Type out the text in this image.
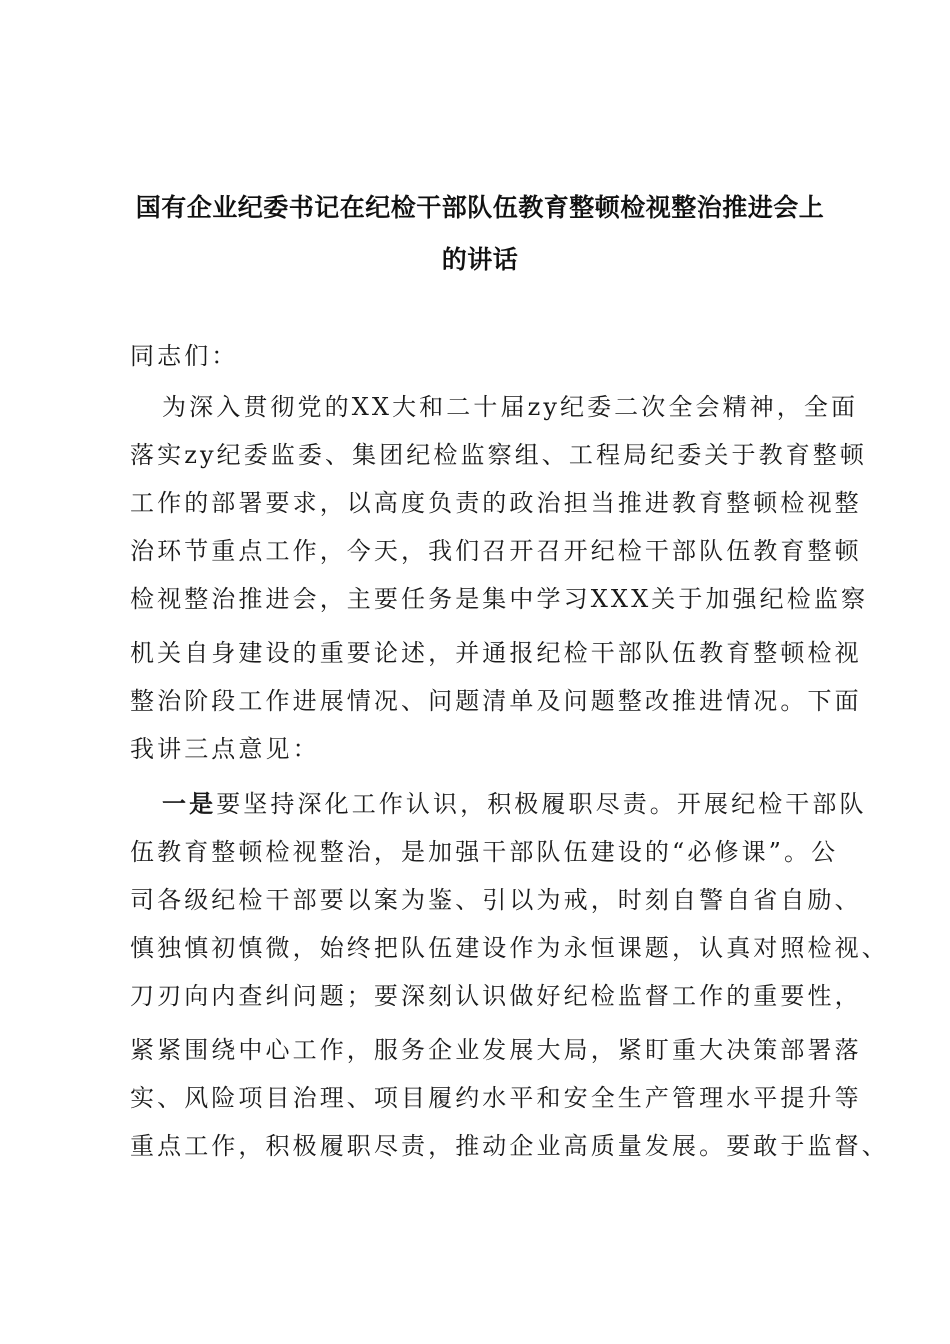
国有企业纪委书记在纪检干部队伍教育整顿检视整治推进会上
的讲话
同志们：
为深入贯彻党的XX大和二十届zy纪委二次全会精神，全面
落实zy纪委监委、集团纪检监察组、工程局纪委关于教育整顿
工作的部署要求，以高度负责的政治担当推进教育整顿检视整
治环节重点工作，今天，我们召开召开纪检干部队伍教育整顿
检视整治推进会，主要任务是集中学习XXX关于加强纪检监察
机关自身建设的重要论述，并通报纪检干部队伍教育整顿检视
整治阶段工作进展情况、问题清单及问题整改推进情况。下面
我讲三点意见：
一是要坚持深化工作认识，积极履职尽责。开展纪检干部队
伍教育整顿检视整治，是加强干部队伍建设的“必修课”。公
司各级纪检干部要以案为鉴、引以为戒，时刻自警自省自励、
慎独慎初慎微，始终把队伍建设作为永恒课题，认真对照检视、
刀刃向内查纠问题；要深刻认识做好纪检监督工作的重要性，
紧紧围绕中心工作，服务企业发展大局，紧盯重大决策部署落
实、风险项目治理、项目履约水平和安全生产管理水平提升等
重点工作，积极履职尽责，推动企业高质量发展。要敢于监督、
